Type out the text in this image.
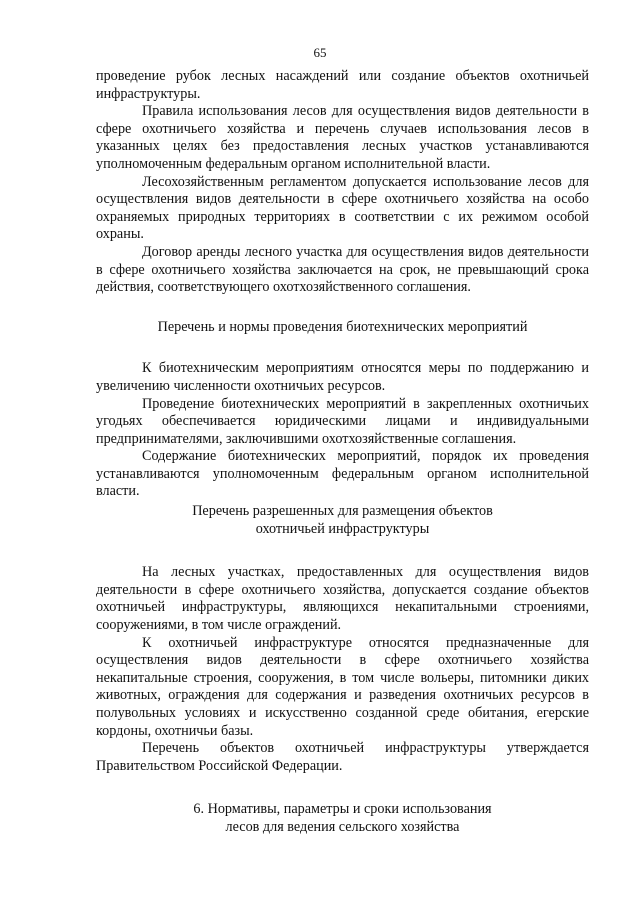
65

проведение рубок лесных насаждений или создание объектов охотничьей инфраструктуры.

Правила использования лесов для осуществления видов деятельности в сфере охотничьего хозяйства и перечень случаев использования лесов в указанных целях без предоставления лесных участков устанавливаются уполномоченным федеральным органом исполнительной власти.

Лесохозяйственным регламентом допускается использование лесов для осуществления видов деятельности в сфере охотничьего хозяйства на особо охраняемых природных территориях в соответствии с их режимом особой охраны.

Договор аренды лесного участка для осуществления видов деятельности в сфере охотничьего хозяйства заключается на срок, не превышающий срока действия, соответствующего охотхозяйственного соглашения.

Перечень и нормы проведения биотехнических мероприятий

К биотехническим мероприятиям относятся меры по поддержанию и увеличению численности охотничьих ресурсов.

Проведение биотехнических мероприятий в закрепленных охотничьих угодьях обеспечивается юридическими лицами и индивидуальными предпринимателями, заключившими охотхозяйственные соглашения.

Содержание биотехнических мероприятий, порядок их проведения устанавливаются уполномоченным федеральным органом исполнительной власти.

Перечень разрешенных для размещения объектов
охотничьей инфраструктуры

На лесных участках, предоставленных для осуществления видов деятельности в сфере охотничьего хозяйства, допускается создание объектов охотничьей инфраструктуры, являющихся некапитальными строениями, сооружениями, в том числе ограждений.

К охотничьей инфраструктуре относятся предназначенные для осуществления видов деятельности в сфере охотничьего хозяйства некапитальные строения, сооружения, в том числе вольеры, питомники диких животных, ограждения для содержания и разведения охотничьих ресурсов в полувольных условиях и искусственно созданной среде обитания, егерские кордоны, охотничьи базы.

Перечень объектов охотничьей инфраструктуры утверждается Правительством Российской Федерации.

6. Нормативы, параметры и сроки использования
лесов для ведения сельского хозяйства
